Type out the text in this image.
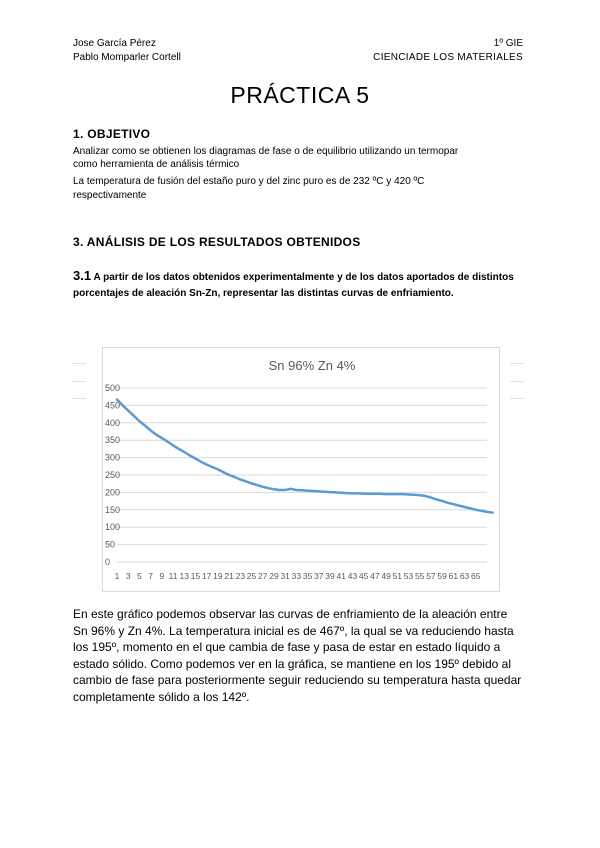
Jose García Pérez
Pablo Momparler Cortell
1º GIE
CIENCIADE LOS MATERIALES
PRÁCTICA 5
1. OBJETIVO
Analizar como se obtienen los diagramas de fase o de equilibrio utilizando un termopar
como herramienta de análisis térmico
La temperatura de fusión del estaño puro y del zinc puro es de 232 ºC y 420 ºC
respectivamente
3. ANÁLISIS DE LOS RESULTADOS OBTENIDOS
3.1 A partir de los datos obtenidos experimentalmente y de los datos aportados de distintos porcentajes de aleación Sn-Zn, representar las distintas curvas de enfriamiento.
Sn 96% Zn 4%
0
50
100
150
200
250
300
350
400
450
500
1 3 5 7 9 11 13 15 17 19 21 23 25 27 29 31 33 35 37 39 41 43 45 47 49 51 53 55 57 59 61 63 65

En este gráfico podemos observar las curvas de enfriamiento de la aleación entre

Sn 96% y Zn 4%. La temperatura inicial es de 467º, la qual se va reduciendo hasta

los 195º, momento en el que cambia de fase y pasa de estar en estado líquido a

estado sólido. Como podemos ver en la gráfica, se mantiene en los 195º debido al

cambio de fase para posteriormente seguir reduciendo su temperatura hasta quedar

completamente sólido a los 142º.
